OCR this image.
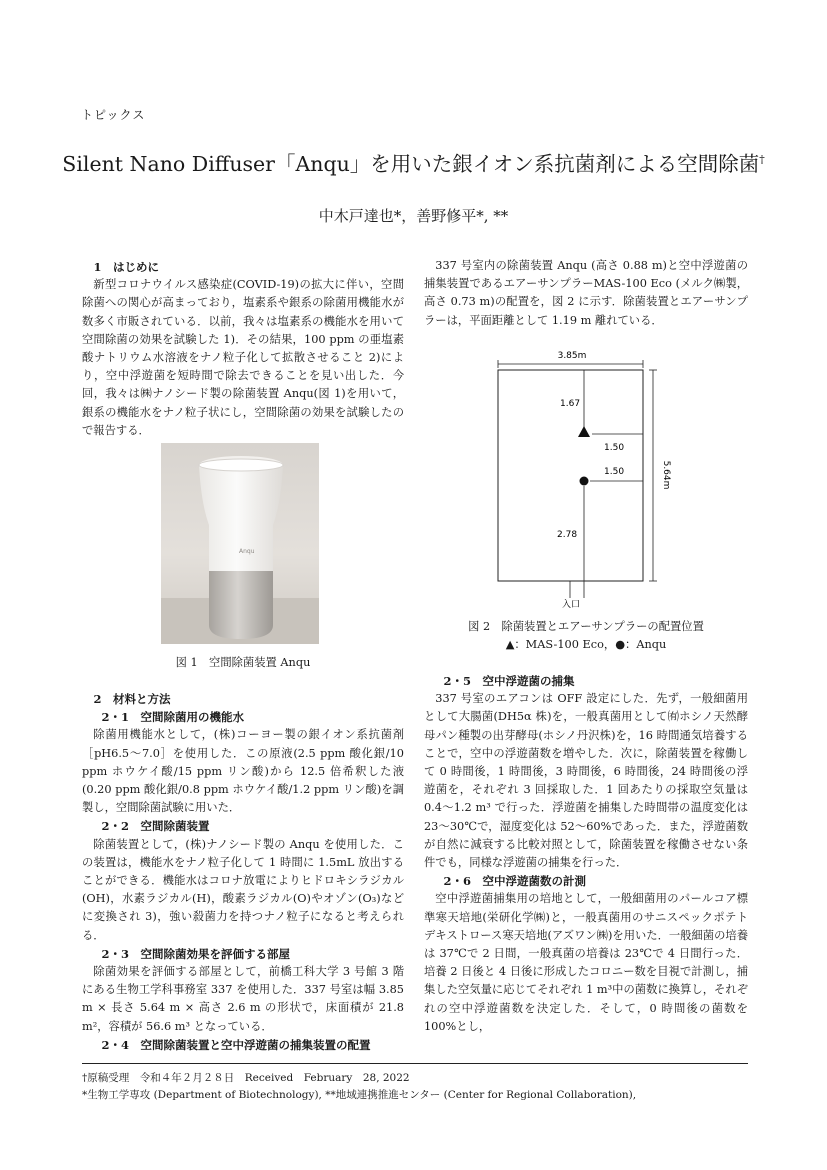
トピックス
Silent Nano Diffuser「Anqu」を用いた銀イオン系抗菌剤による空間除菌†
中木戸達也*，善野修平*, **

1　はじめに

新型コロナウイルス感染症(COVID-19)の拡大に伴い，空間除菌への関心が高まっており，塩素系や銀系の除菌用機能水が数多く市販されている．以前，我々は塩素系の機能水を用いて空間除菌の効果を試験した 1)．その結果，100 ppm の亜塩素酸ナトリウム水溶液をナノ粒子化して拡散させること 2)により，空中浮遊菌を短時間で除去できることを見い出した．今回，我々は㈱ナノシード製の除菌装置 Anqu(図 1)を用いて，銀系の機能水をナノ粒子状にし，空間除菌の効果を試験したので報告する．

Anqu
図 1　空間除菌装置 Anqu

2　材料と方法

2・1　空間除菌用の機能水

除菌用機能水として，(株)コーヨー製の銀イオン系抗菌剤［pH6.5～7.0］を使用した．この原液(2.5 ppm 酸化銀/10 ppm ホウケイ酸/15 ppm リン酸)から 12.5 倍希釈した液(0.20 ppm 酸化銀/0.8 ppm ホウケイ酸/1.2 ppm リン酸)を調製し，空間除菌試験に用いた．

2・2　空間除菌装置

除菌装置として，(株)ナノシード製の Anqu を使用した．この装置は，機能水をナノ粒子化して 1 時間に 1.5mL 放出することができる．機能水はコロナ放電によりヒドロキシラジカル(OH)，水素ラジカル(H)，酸素ラジカル(O)やオゾン(O₃)などに変換され 3)，強い殺菌力を持つナノ粒子になると考えられる．

2・3　空間除菌効果を評価する部屋

除菌効果を評価する部屋として，前橋工科大学 3 号館 3 階にある生物工学科事務室 337 を使用した．337 号室は幅 3.85 m × 長さ 5.64 m × 高さ 2.6 m の形状で，床面積が 21.8 m²，容積が 56.6 m³ となっている．

2・4　空間除菌装置と空中浮遊菌の捕集装置の配置

337 号室内の除菌装置 Anqu (高さ 0.88 m)と空中浮遊菌の捕集装置であるエアーサンプラーMAS-100 Eco (メルク㈱製，高さ 0.73 m)の配置を，図 2 に示す．除菌装置とエアーサンプラーは，平面距離として 1.19 m 離れている．

3.85m
5.64m
1.67
1.50
1.50
2.78
入口
図 2　除菌装置とエアーサンプラーの配置位置
▲：MAS-100 Eco，●：Anqu

2・5　空中浮遊菌の捕集

337 号室のエアコンは OFF 設定にした．先ず，一般細菌用として大腸菌(DH5α 株)を，一般真菌用として㈲ホシノ天然酵母パン種製の出芽酵母(ホシノ丹沢株)を，16 時間通気培養することで，空中の浮遊菌数を増やした．次に，除菌装置を稼働して 0 時間後，1 時間後，3 時間後，6 時間後，24 時間後の浮遊菌を，それぞれ 3 回採取した．1 回あたりの採取空気量は 0.4～1.2 m³ で行った．浮遊菌を捕集した時間帯の温度変化は 23～30℃で，湿度変化は 52～60%であった．また，浮遊菌数が自然に減衰する比較対照として，除菌装置を稼働させない条件でも，同様な浮遊菌の捕集を行った．

2・6　空中浮遊菌数の計測

空中浮遊菌捕集用の培地として，一般細菌用のパールコア標準寒天培地(栄研化学㈱)と，一般真菌用のサニスペックポテトデキストロース寒天培地(アズワン㈱)を用いた．一般細菌の培養は 37℃で 2 日間，一般真菌の培養は 23℃で 4 日間行った．培養 2 日後と 4 日後に形成したコロニー数を目視で計測し，捕集した空気量に応じてそれぞれ 1 m³中の菌数に換算し，それぞれの空中浮遊菌数を決定した．そして，0 時間後の菌数を 100%とし，

†原稿受理　令和４年２月２８日　Received　February　28, 2022
*生物工学専攻 (Department of Biotechnology), **地域連携推進センター (Center for Regional Collaboration),
